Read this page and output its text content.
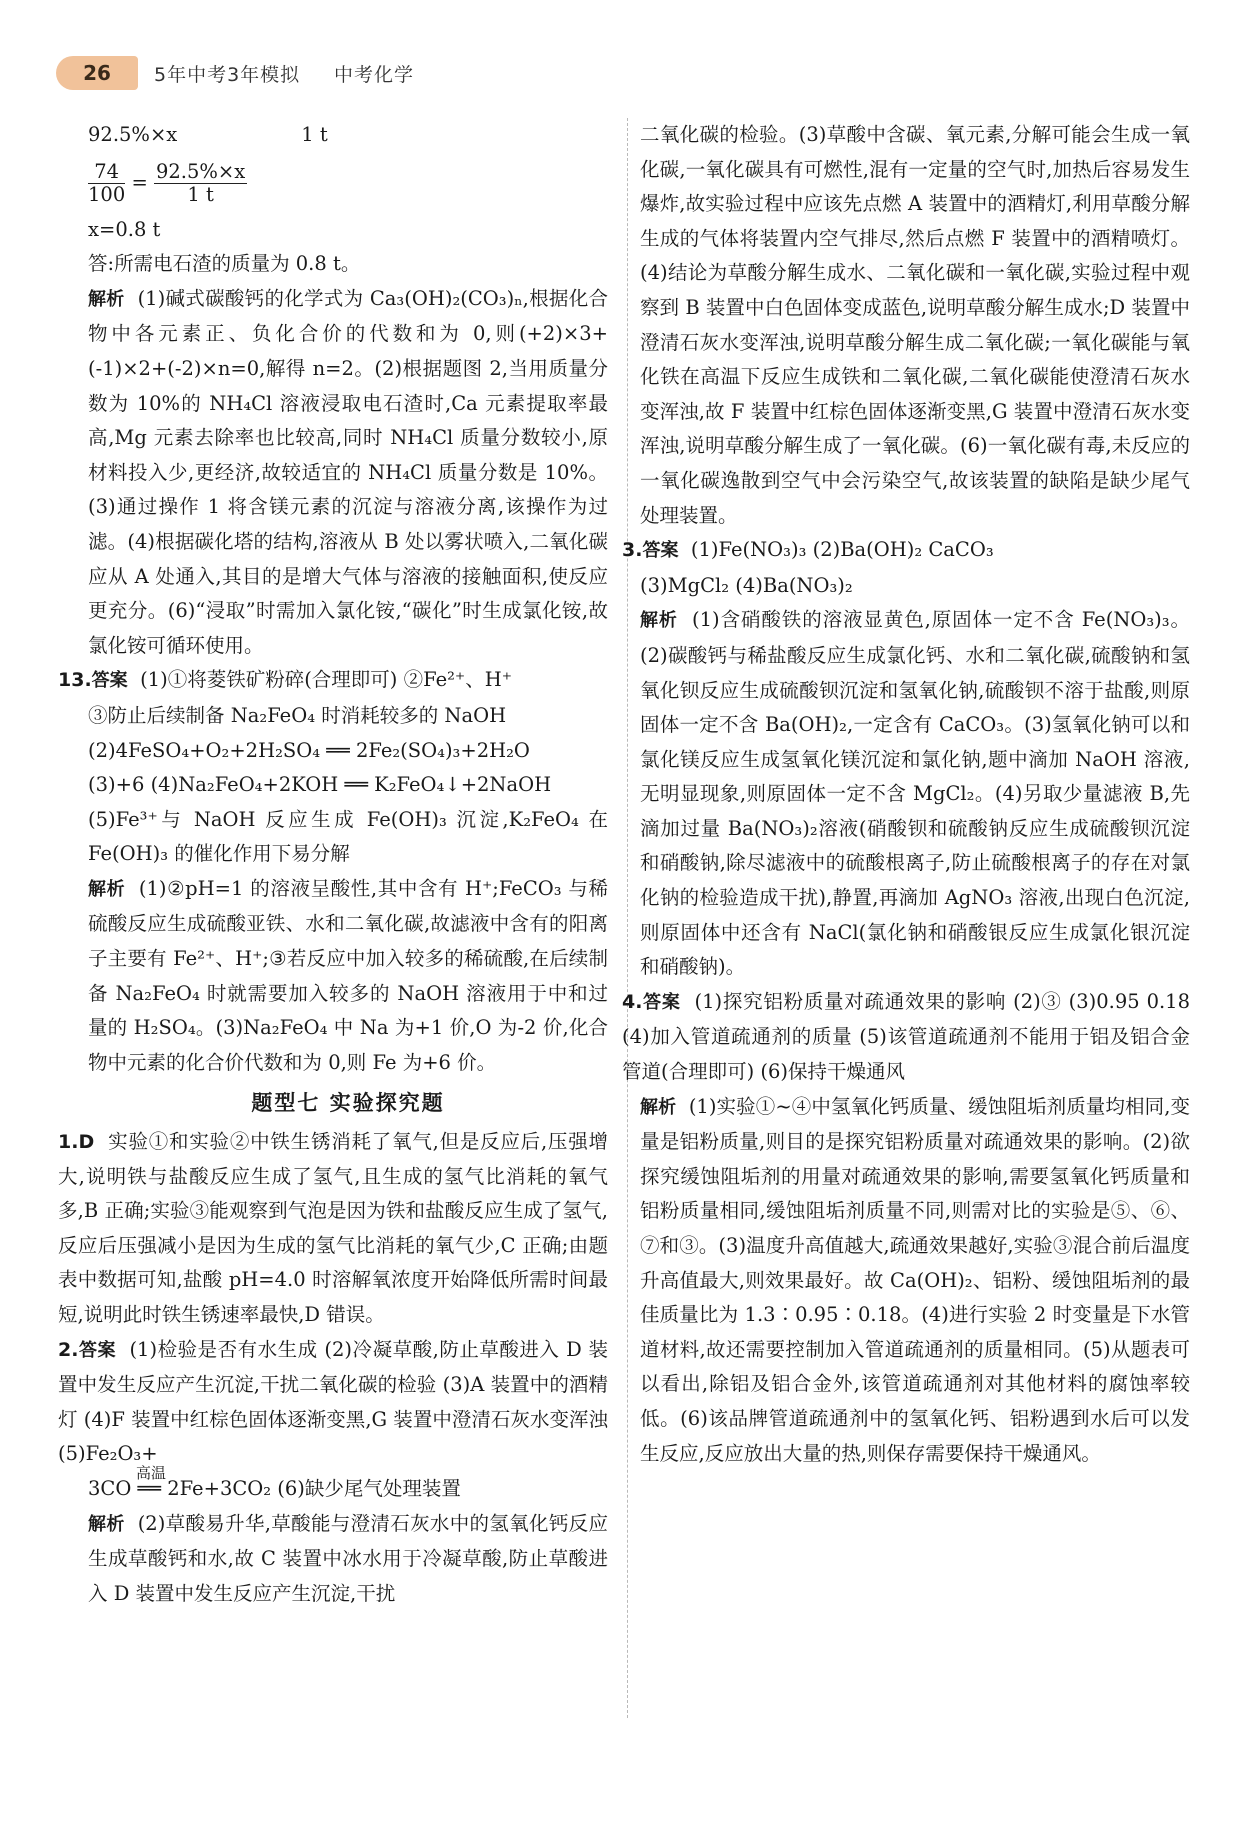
26	5年中考3年模拟 中考化学

92.5%×x                    1 t

$\frac{74}{100} = \frac{92.5\%\times x}{1 t}$

x=0.8 t

答:所需电石渣的质量为 0.8 t。

解析 (1)碱式碳酸钙的化学式为 Ca₃(OH)₂(CO₃)ₙ,根据化合物中各元素正、负化合价的代数和为 0,则(+2)×3+(-1)×2+(-2)×n=0,解得 n=2。(2)根据题图 2,当用质量分数为 10%的 NH₄Cl 溶液浸取电石渣时,Ca 元素提取率最高,Mg 元素去除率也比较高,同时 NH₄Cl 质量分数较小,原材料投入少,更经济,故较适宜的 NH₄Cl 质量分数是 10%。(3)通过操作 1 将含镁元素的沉淀与溶液分离,该操作为过滤。(4)根据碳化塔的结构,溶液从 B 处以雾状喷入,二氧化碳应从 A 处通入,其目的是增大气体与溶液的接触面积,使反应更充分。(6)“浸取”时需加入氯化铵,“碳化”时生成氯化铵,故氯化铵可循环使用。

13.答案 (1)①将菱铁矿粉碎(合理即可) ②Fe²⁺、H⁺

③防止后续制备 Na₂FeO₄ 时消耗较多的 NaOH

(2)4FeSO₄+O₂+2H₂SO₄ ══ 2Fe₂(SO₄)₃+2H₂O

(3)+6 (4)Na₂FeO₄+2KOH ══ K₂FeO₄↓+2NaOH

(5)Fe³⁺与 NaOH 反应生成 Fe(OH)₃ 沉淀,K₂FeO₄ 在 Fe(OH)₃ 的催化作用下易分解

解析 (1)②pH=1 的溶液呈酸性,其中含有 H⁺;FeCO₃ 与稀硫酸反应生成硫酸亚铁、水和二氧化碳,故滤液中含有的阳离子主要有 Fe²⁺、H⁺;③若反应中加入较多的稀硫酸,在后续制备 Na₂FeO₄ 时就需要加入较多的 NaOH 溶液用于中和过量的 H₂SO₄。(3)Na₂FeO₄ 中 Na 为+1 价,O 为-2 价,化合物中元素的化合价代数和为 0,则 Fe 为+6 价。

题型七 实验探究题

1.D 实验①和实验②中铁生锈消耗了氧气,但是反应后,压强增大,说明铁与盐酸反应生成了氢气,且生成的氢气比消耗的氧气多,B 正确;实验③能观察到气泡是因为铁和盐酸反应生成了氢气,反应后压强减小是因为生成的氢气比消耗的氧气少,C 正确;由题表中数据可知,盐酸 pH=4.0 时溶解氧浓度开始降低所需时间最短,说明此时铁生锈速率最快,D 错误。

2.答案 (1)检验是否有水生成 (2)冷凝草酸,防止草酸进入 D 装置中发生反应产生沉淀,干扰二氧化碳的检验 (3)A 装置中的酒精灯 (4)F 装置中红棕色固体逐渐变黑,G 装置中澄清石灰水变浑浊 (5)Fe₂O₃+

高温
3CO ══ 2Fe+3CO₂ (6)缺少尾气处理装置

解析 (2)草酸易升华,草酸能与澄清石灰水中的氢氧化钙反应生成草酸钙和水,故 C 装置中冰水用于冷凝草酸,防止草酸进入 D 装置中发生反应产生沉淀,干扰

二氧化碳的检验。(3)草酸中含碳、氧元素,分解可能会生成一氧化碳,一氧化碳具有可燃性,混有一定量的空气时,加热后容易发生爆炸,故实验过程中应该先点燃 A 装置中的酒精灯,利用草酸分解生成的气体将装置内空气排尽,然后点燃 F 装置中的酒精喷灯。(4)结论为草酸分解生成水、二氧化碳和一氧化碳,实验过程中观察到 B 装置中白色固体变成蓝色,说明草酸分解生成水;D 装置中澄清石灰水变浑浊,说明草酸分解生成二氧化碳;一氧化碳能与氧化铁在高温下反应生成铁和二氧化碳,二氧化碳能使澄清石灰水变浑浊,故 F 装置中红棕色固体逐渐变黑,G 装置中澄清石灰水变浑浊,说明草酸分解生成了一氧化碳。(6)一氧化碳有毒,未反应的一氧化碳逸散到空气中会污染空气,故该装置的缺陷是缺少尾气处理装置。

3.答案 (1)Fe(NO₃)₃ (2)Ba(OH)₂ CaCO₃

(3)MgCl₂ (4)Ba(NO₃)₂

解析 (1)含硝酸铁的溶液显黄色,原固体一定不含 Fe(NO₃)₃。(2)碳酸钙与稀盐酸反应生成氯化钙、水和二氧化碳,硫酸钠和氢氧化钡反应生成硫酸钡沉淀和氢氧化钠,硫酸钡不溶于盐酸,则原固体一定不含 Ba(OH)₂,一定含有 CaCO₃。(3)氢氧化钠可以和氯化镁反应生成氢氧化镁沉淀和氯化钠,题中滴加 NaOH 溶液,无明显现象,则原固体一定不含 MgCl₂。(4)另取少量滤液 B,先滴加过量 Ba(NO₃)₂溶液(硝酸钡和硫酸钠反应生成硫酸钡沉淀和硝酸钠,除尽滤液中的硫酸根离子,防止硫酸根离子的存在对氯化钠的检验造成干扰),静置,再滴加 AgNO₃ 溶液,出现白色沉淀,则原固体中还含有 NaCl(氯化钠和硝酸银反应生成氯化银沉淀和硝酸钠)。

4.答案 (1)探究铝粉质量对疏通效果的影响 (2)③ (3)0.95 0.18 (4)加入管道疏通剂的质量 (5)该管道疏通剂不能用于铝及铝合金管道(合理即可) (6)保持干燥通风

解析 (1)实验①~④中氢氧化钙质量、缓蚀阻垢剂质量均相同,变量是铝粉质量,则目的是探究铝粉质量对疏通效果的影响。(2)欲探究缓蚀阻垢剂的用量对疏通效果的影响,需要氢氧化钙质量和铝粉质量相同,缓蚀阻垢剂质量不同,则需对比的实验是⑤、⑥、⑦和③。(3)温度升高值越大,疏通效果越好,实验③混合前后温度升高值最大,则效果最好。故 Ca(OH)₂、铝粉、缓蚀阻垢剂的最佳质量比为 1.3∶0.95∶0.18。(4)进行实验 2 时变量是下水管道材料,故还需要控制加入管道疏通剂的质量相同。(5)从题表可以看出,除铝及铝合金外,该管道疏通剂对其他材料的腐蚀率较低。(6)该品牌管道疏通剂中的氢氧化钙、铝粉遇到水后可以发生反应,反应放出大量的热,则保存需要保持干燥通风。
